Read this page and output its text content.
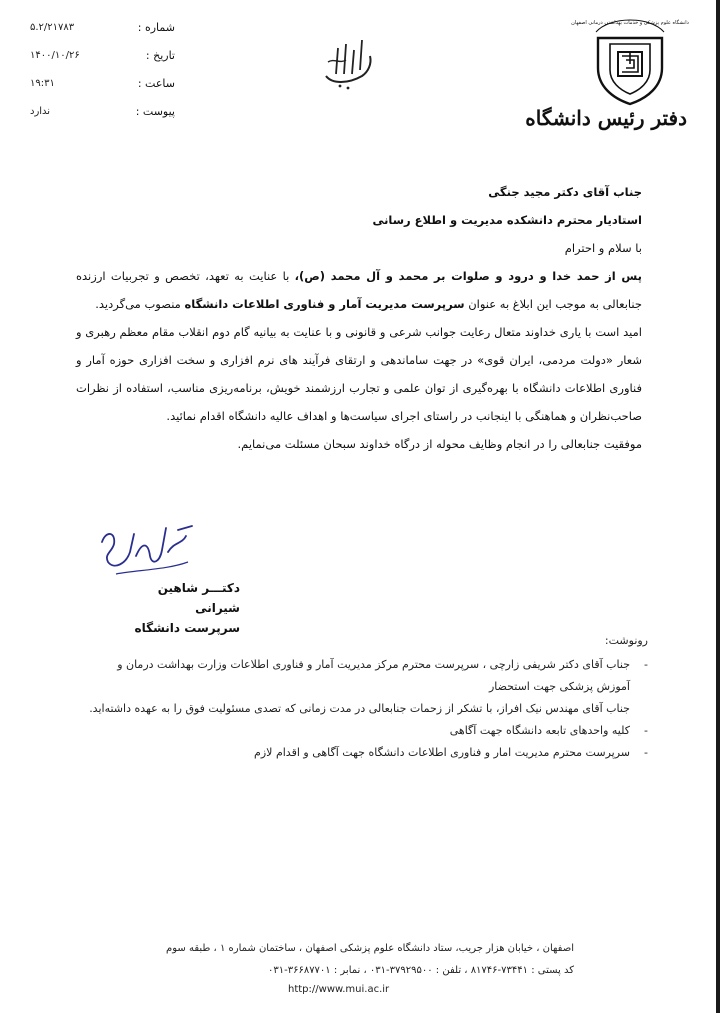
شماره :
۵.۲/۲۱۷۸۳
تاریخ :
۱۴۰۰/۱۰/۲۶
ساعت :
۱۹:۳۱
پیوست :
ندارد
دانشگاه علوم پزشکی و خدمات بهداشتی درمانی اصفهان
دفتر رئیس دانشگاه

جناب آقای دکتر مجید جنگی

استادیار محترم دانشکده مدیریت و اطلاع رسانی

با سلام و احترام

پس از حمد خدا و درود و صلوات بر محمد و آل محمد (ص)، با عنایت به تعهد، تخصص و تجربیات ارزنده جنابعالی به موجب این ابلاغ به عنوان سرپرست مدیریت آمار و فناوری اطلاعات دانشگاه منصوب می‌گردید.

امید است با یاری خداوند متعال رعایت جوانب شرعی و قانونی و با عنایت به بیانیه گام دوم انقلاب مقام معظم رهبری و شعار «دولت مردمی، ایران قوی» در جهت ساماندهی و ارتقای فرآیند های نرم افزاری و سخت افزاری حوزه آمار و فناوری اطلاعات دانشگاه با بهره‌گیری از توان علمی و تجارب ارزشمند خویش، برنامه‌ریزی مناسب، استفاده از نظرات صاحب‌نظران و هماهنگی با اینجانب در راستای اجرای سیاست‌ها و اهداف عالیه دانشگاه اقدام نمائید.

موفقیت جنابعالی را در انجام وظایف محوله از درگاه خداوند سبحان مسئلت می‌نمایم.

دکتـــر شاهین شیرانی
سرپرست دانشگاه
رونوشت:
-
جناب آقای دکتر شریفی زارچی ، سرپرست محترم مرکز مدیریت آمار و فناوری اطلاعات وزارت بهداشت درمان و آموزش پزشکی جهت استحضار
جناب آقای مهندس نیک افراز، با تشکر از زحمات جنابعالی در مدت زمانی که تصدی مسئولیت فوق را به عهده داشته‌اید.
-
کلیه واحدهای تابعه دانشگاه جهت آگاهی
-
سرپرست محترم مدیریت امار و فناوری اطلاعات دانشگاه جهت آگاهی و اقدام لازم
اصفهان ، خیابان هزار جریب، ستاد دانشگاه علوم پزشکی اصفهان ، ساختمان شماره ۱ ، طبقه سوم
کد پستی : ۷۳۴۴۱-۸۱۷۴۶ ، تلفن : ۳۷۹۲۹۵۰۰-۰۳۱ ، نمابر : ۳۶۶۸۷۷۰۱-۰۳۱
http://www.mui.ac.ir
